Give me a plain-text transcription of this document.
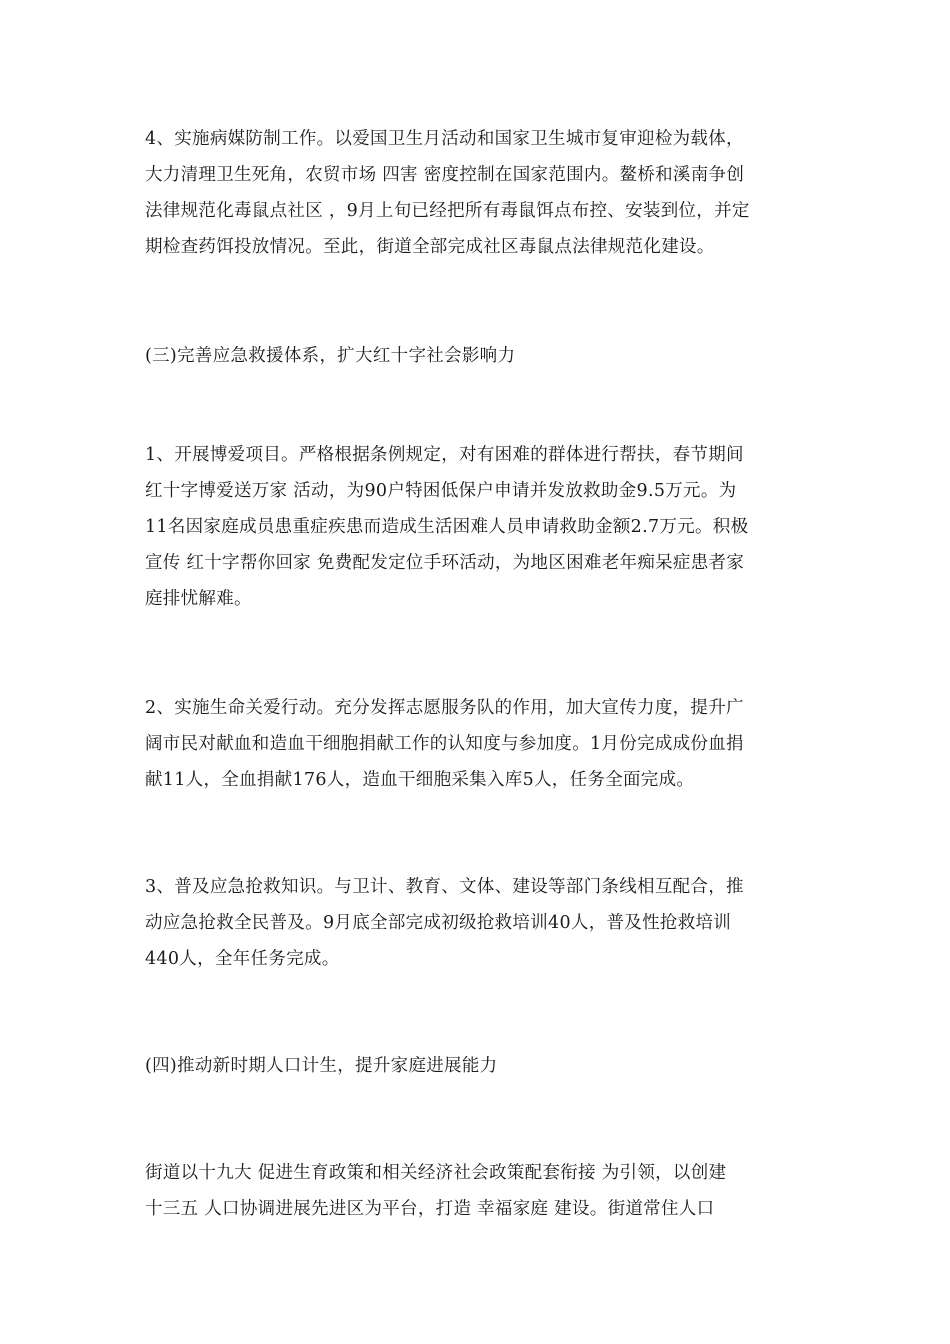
4、实施病媒防制工作。以爱国卫生月活动和国家卫生城市复审迎检为载体，
大力清理卫生死角，农贸市场 四害 密度控制在国家范围内。鳌桥和溪南争创
法律规范化毒鼠点社区 ，9月上旬已经把所有毒鼠饵点布控、安装到位，并定
期检查药饵投放情况。至此，街道全部完成社区毒鼠点法律规范化建设。

(三)完善应急救援体系，扩大红十字社会影响力

1、开展博爱项目。严格根据条例规定，对有困难的群体进行帮扶，春节期间
红十字博爱送万家 活动，为90户特困低保户申请并发放救助金9.5万元。为
11名因家庭成员患重症疾患而造成生活困难人员申请救助金额2.7万元。积极
宣传 红十字帮你回家 免费配发定位手环活动，为地区困难老年痴呆症患者家
庭排忧解难。

2、实施生命关爱行动。充分发挥志愿服务队的作用，加大宣传力度，提升广
阔市民对献血和造血干细胞捐献工作的认知度与参加度。1月份完成成份血捐
献11人，全血捐献176人，造血干细胞采集入库5人，任务全面完成。

3、普及应急抢救知识。与卫计、教育、文体、建设等部门条线相互配合，推
动应急抢救全民普及。9月底全部完成初级抢救培训40人，普及性抢救培训
440人，全年任务完成。

(四)推动新时期人口计生，提升家庭进展能力

街道以十九大 促进生育政策和相关经济社会政策配套衔接 为引领，以创建
十三五 人口协调进展先进区为平台，打造 幸福家庭 建设。街道常住人口
